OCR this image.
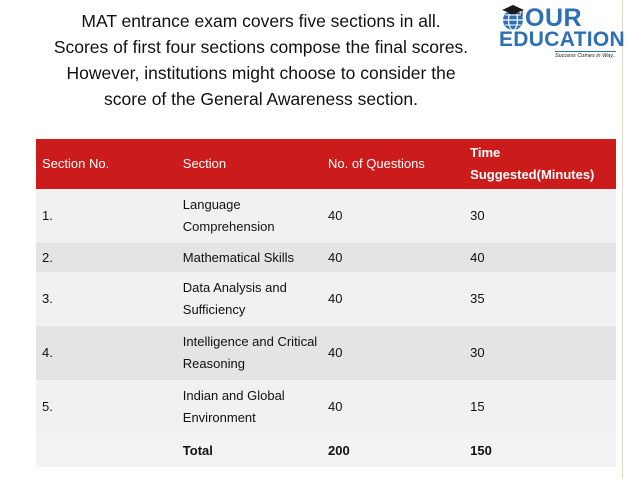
MAT entrance exam covers five sections in all.
Scores of first four sections compose the final scores.
However, institutions might choose to consider the
score of the General Awareness section.
OUR
EDUCATION
Success Comes in Way..
Section No.	Section	No. of Questions	Time Suggested(Minutes)
1.	Language Comprehension	40	30
2.	Mathematical Skills	40	40
3.	Data Analysis and Sufficiency	40	35
4.	Intelligence and Critical Reasoning	40	30
5.	Indian and Global Environment	40	15
	Total	200	150
